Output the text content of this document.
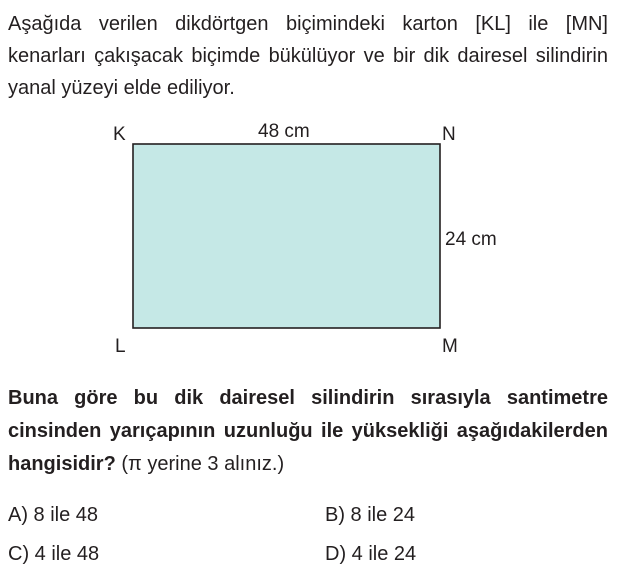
Aşağıda verilen dikdörtgen biçimindeki karton [KL] ile [MN] kenarları çakışacak biçimde bükülüyor ve bir dik dairesel silindirin yanal yüzeyi elde ediliyor.

K	N
L	M
48 cm
24 cm

Buna göre bu dik dairesel silindirin sırasıyla santimetre cinsinden yarıçapının uzunluğu ile yüksekliği aşağıdakilerden hangisidir? (π yerine 3 alınız.)

A) 8 ile 48	B) 8 ile 24
C) 4 ile 48	D) 4 ile 24
